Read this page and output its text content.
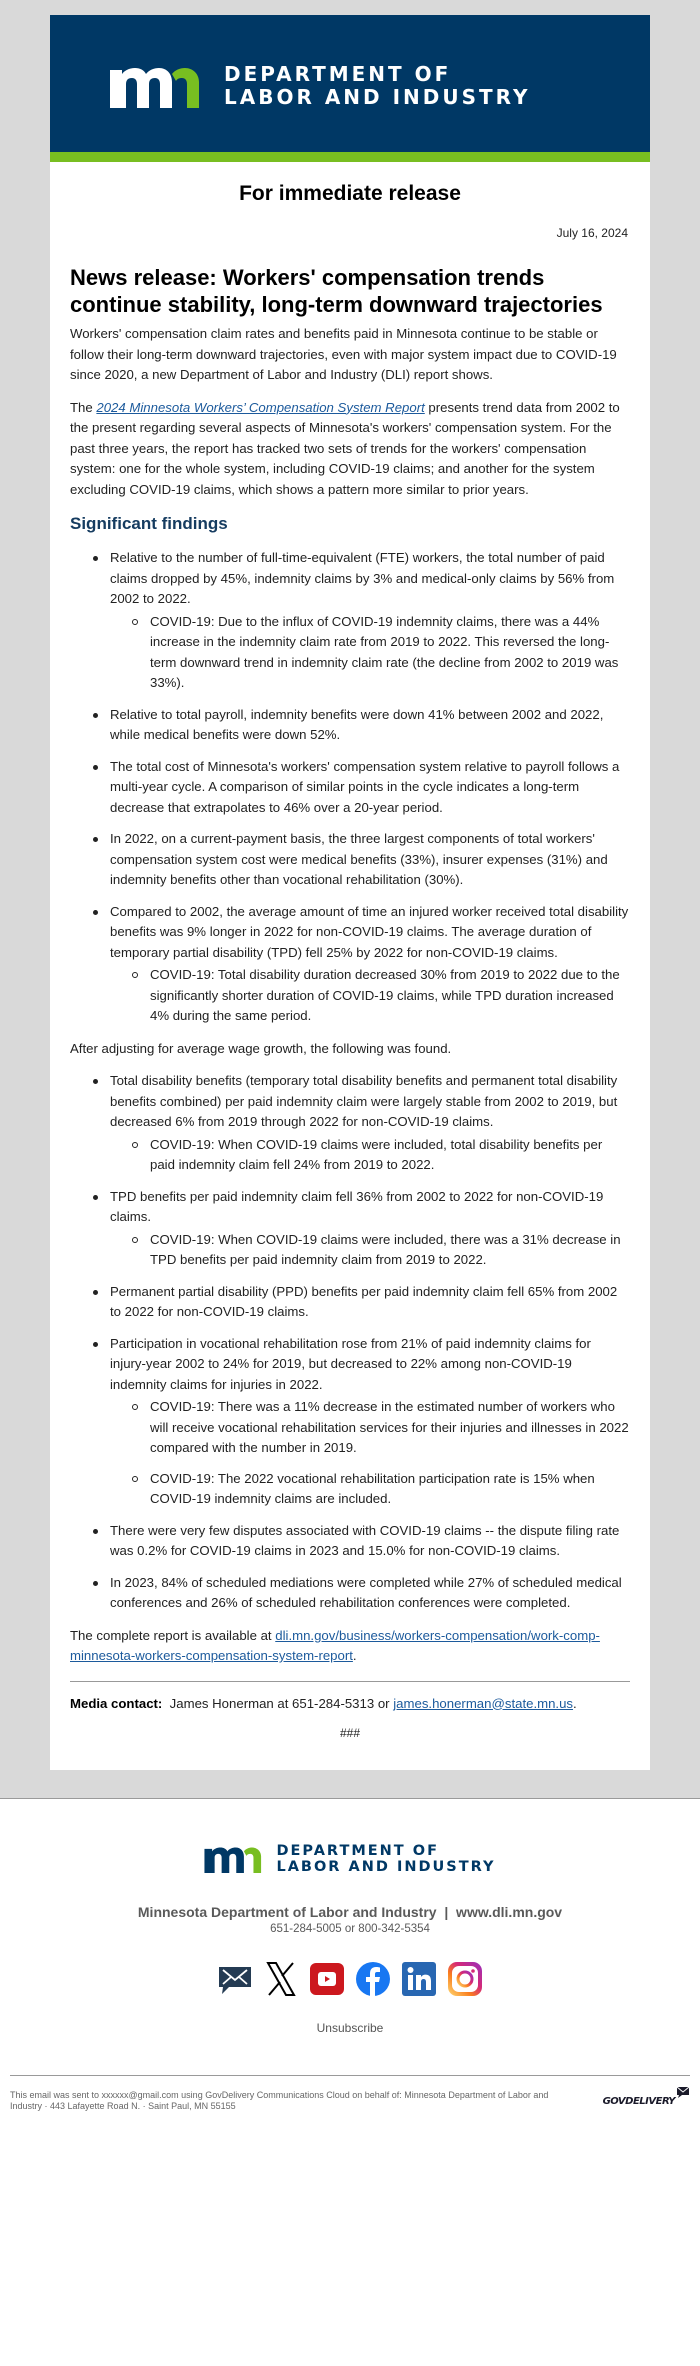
DEPARTMENT OF
LABOR AND INDUSTRY
For immediate release
July 16, 2024
News release: Workers' compensation trends continue stability, long-term downward trajectories

Workers' compensation claim rates and benefits paid in Minnesota continue to be stable or follow their long-term downward trajectories, even with major system impact due to COVID-19 since 2020, a new Department of Labor and Industry (DLI) report shows.

The 2024 Minnesota Workers’ Compensation System Report presents trend data from 2002 to the present regarding several aspects of Minnesota's workers' compensation system. For the past three years, the report has tracked two sets of trends for the workers' compensation system: one for the whole system, including COVID-19 claims; and another for the system excluding COVID-19 claims, which shows a pattern more similar to prior years.

Significant findings
Relative to the number of full-time-equivalent (FTE) workers, the total number of paid claims dropped by 45%, indemnity claims by 3% and medical-only claims by 56% from 2002 to 2022.
COVID-19: Due to the influx of COVID-19 indemnity claims, there was a 44% increase in the indemnity claim rate from 2019 to 2022. This reversed the long-term downward trend in indemnity claim rate (the decline from 2002 to 2019 was 33%).
Relative to total payroll, indemnity benefits were down 41% between 2002 and 2022, while medical benefits were down 52%.
The total cost of Minnesota's workers' compensation system relative to payroll follows a multi-year cycle. A comparison of similar points in the cycle indicates a long-term decrease that extrapolates to 46% over a 20-year period.
In 2022, on a current-payment basis, the three largest components of total workers' compensation system cost were medical benefits (33%), insurer expenses (31%) and indemnity benefits other than vocational rehabilitation (30%).
Compared to 2002, the average amount of time an injured worker received total disability benefits was 9% longer in 2022 for non-COVID-19 claims. The average duration of temporary partial disability (TPD) fell 25% by 2022 for non-COVID-19 claims.
COVID-19: Total disability duration decreased 30% from 2019 to 2022 due to the significantly shorter duration of COVID-19 claims, while TPD duration increased 4% during the same period.

After adjusting for average wage growth, the following was found.

Total disability benefits (temporary total disability benefits and permanent total disability benefits combined) per paid indemnity claim were largely stable from 2002 to 2019, but decreased 6% from 2019 through 2022 for non-COVID-19 claims.
COVID-19: When COVID-19 claims were included, total disability benefits per paid indemnity claim fell 24% from 2019 to 2022.
TPD benefits per paid indemnity claim fell 36% from 2002 to 2022 for non-COVID-19 claims.
COVID-19: When COVID-19 claims were included, there was a 31% decrease in TPD benefits per paid indemnity claim from 2019 to 2022.
Permanent partial disability (PPD) benefits per paid indemnity claim fell 65% from 2002 to 2022 for non-COVID-19 claims.
Participation in vocational rehabilitation rose from 21% of paid indemnity claims for injury-year 2002 to 24% for 2019, but decreased to 22% among non-COVID-19 indemnity claims for injuries in 2022.
COVID-19: There was a 11% decrease in the estimated number of workers who will receive vocational rehabilitation services for their injuries and illnesses in 2022 compared with the number in 2019.
COVID-19: The 2022 vocational rehabilitation participation rate is 15% when COVID-19 indemnity claims are included.
There were very few disputes associated with COVID-19 claims -- the dispute filing rate was 0.2% for COVID-19 claims in 2023 and 15.0% for non-COVID-19 claims.
In 2023, 84% of scheduled mediations were completed while 27% of scheduled medical conferences and 26% of scheduled rehabilitation conferences were completed.

The complete report is available at dli.mn.gov/business/workers-compensation/work-comp-minnesota-workers-compensation-system-report.

Media contact:  James Honerman at 651-284-5313 or james.honerman@state.mn.us.
###
DEPARTMENT OF
LABOR AND INDUSTRY
Minnesota Department of Labor and Industry  |  www.dli.mn.gov
651-284-5005 or 800-342-5354
Unsubscribe
This email was sent to xxxxxx@gmail.com using GovDelivery Communications Cloud on behalf of: Minnesota Department of Labor and Industry · 443 Lafayette Road N. · Saint Paul, MN 55155	govdelivery
